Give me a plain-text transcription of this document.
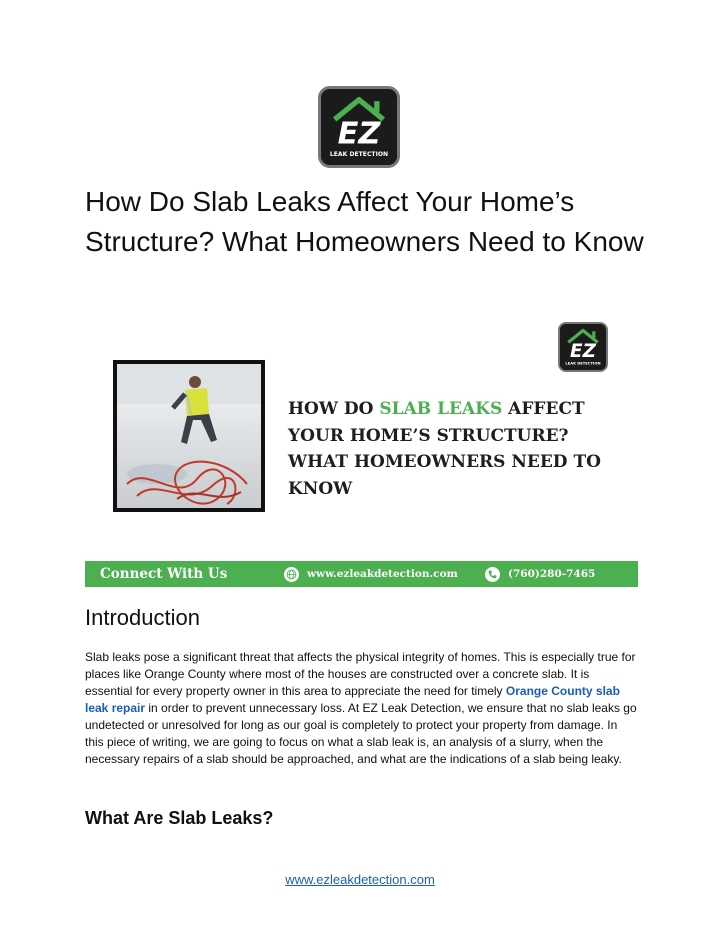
EZ
LEAK DETECTION
How Do Slab Leaks Affect Your Home’s Structure? What Homeowners Need to Know
EZ
LEAK DETECTION
HOW DO SLAB LEAKS AFFECT YOUR HOME’S STRUCTURE? WHAT HOMEOWNERS NEED TO KNOW
Connect With Us	www.ezleakdetection.com	(760)280-7465
Introduction

Slab leaks pose a significant threat that affects the physical integrity of homes. This is especially true for places like Orange County where most of the houses are constructed over a concrete slab. It is essential for every property owner in this area to appreciate the need for timely Orange County slab leak repair in order to prevent unnecessary loss. At EZ Leak Detection, we ensure that no slab leaks go undetected or unresolved for long as our goal is completely to protect your property from damage. In this piece of writing, we are going to focus on what a slab leak is, an analysis of a slurry, when the necessary repairs of a slab should be approached, and what are the indications of a slab being leaky.

What Are Slab Leaks?
www.ezleakdetection.com
